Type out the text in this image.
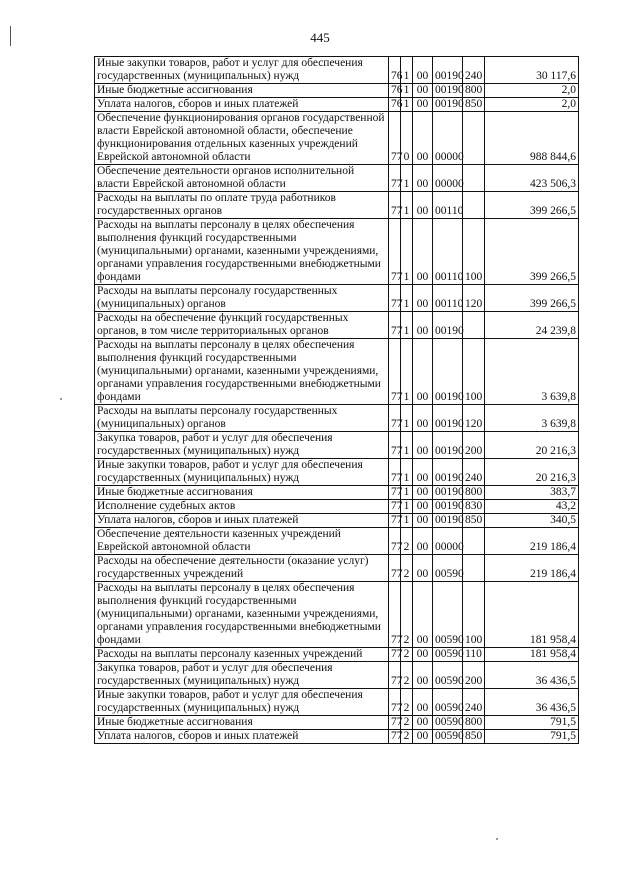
445
Иные закупки товаров, работ и услуг для обеспечения государственных (муниципальных) нужд	76	1	00	00190	240	30 117,6
Иные бюджетные ассигнования	76	1	00	00190	800	2,0
Уплата налогов, сборов и иных платежей	76	1	00	00190	850	2,0
Обеспечение функционирования органов государственной власти Еврейской автономной области, обеспечение функционирования отдельных казенных учреждений Еврейской автономной области	77	0	00	00000		988 844,6
Обеспечение деятельности органов исполнительной власти Еврейской автономной области	77	1	00	00000		423 506,3
Расходы на выплаты по оплате труда работников государственных органов	77	1	00	00110		399 266,5
Расходы на выплаты персоналу в целях обеспечения выполнения функций государственными (муниципальными) органами, казенными учреждениями, органами управления государственными внебюджетными фондами	77	1	00	00110	100	399 266,5
Расходы на выплаты персоналу государственных (муниципальных) органов	77	1	00	00110	120	399 266,5
Расходы на обеспечение функций государственных органов, в том числе территориальных органов	77	1	00	00190		24 239,8
Расходы на выплаты персоналу в целях обеспечения выполнения функций государственными (муниципальными) органами, казенными учреждениями, органами управления государственными внебюджетными фондами	77	1	00	00190	100	3 639,8
Расходы на выплаты персоналу государственных (муниципальных) органов	77	1	00	00190	120	3 639,8
Закупка товаров, работ и услуг для обеспечения государственных (муниципальных) нужд	77	1	00	00190	200	20 216,3
Иные закупки товаров, работ и услуг для обеспечения государственных (муниципальных) нужд	77	1	00	00190	240	20 216,3
Иные бюджетные ассигнования	77	1	00	00190	800	383,7
Исполнение судебных актов	77	1	00	00190	830	43,2
Уплата налогов, сборов и иных платежей	77	1	00	00190	850	340,5
Обеспечение деятельности казенных учреждений Еврейской автономной области	77	2	00	00000		219 186,4
Расходы на обеспечение деятельности (оказание услуг) государственных учреждений	77	2	00	00590		219 186,4
Расходы на выплаты персоналу в целях обеспечения выполнения функций государственными (муниципальными) органами, казенными учреждениями, органами управления государственными внебюджетными фондами	77	2	00	00590	100	181 958,4
Расходы на выплаты персоналу казенных учреждений	77	2	00	00590	110	181 958,4
Закупка товаров, работ и услуг для обеспечения государственных (муниципальных) нужд	77	2	00	00590	200	36 436,5
Иные закупки товаров, работ и услуг для обеспечения государственных (муниципальных) нужд	77	2	00	00590	240	36 436,5
Иные бюджетные ассигнования	77	2	00	00590	800	791,5
Уплата налогов, сборов и иных платежей	77	2	00	00590	850	791,5
